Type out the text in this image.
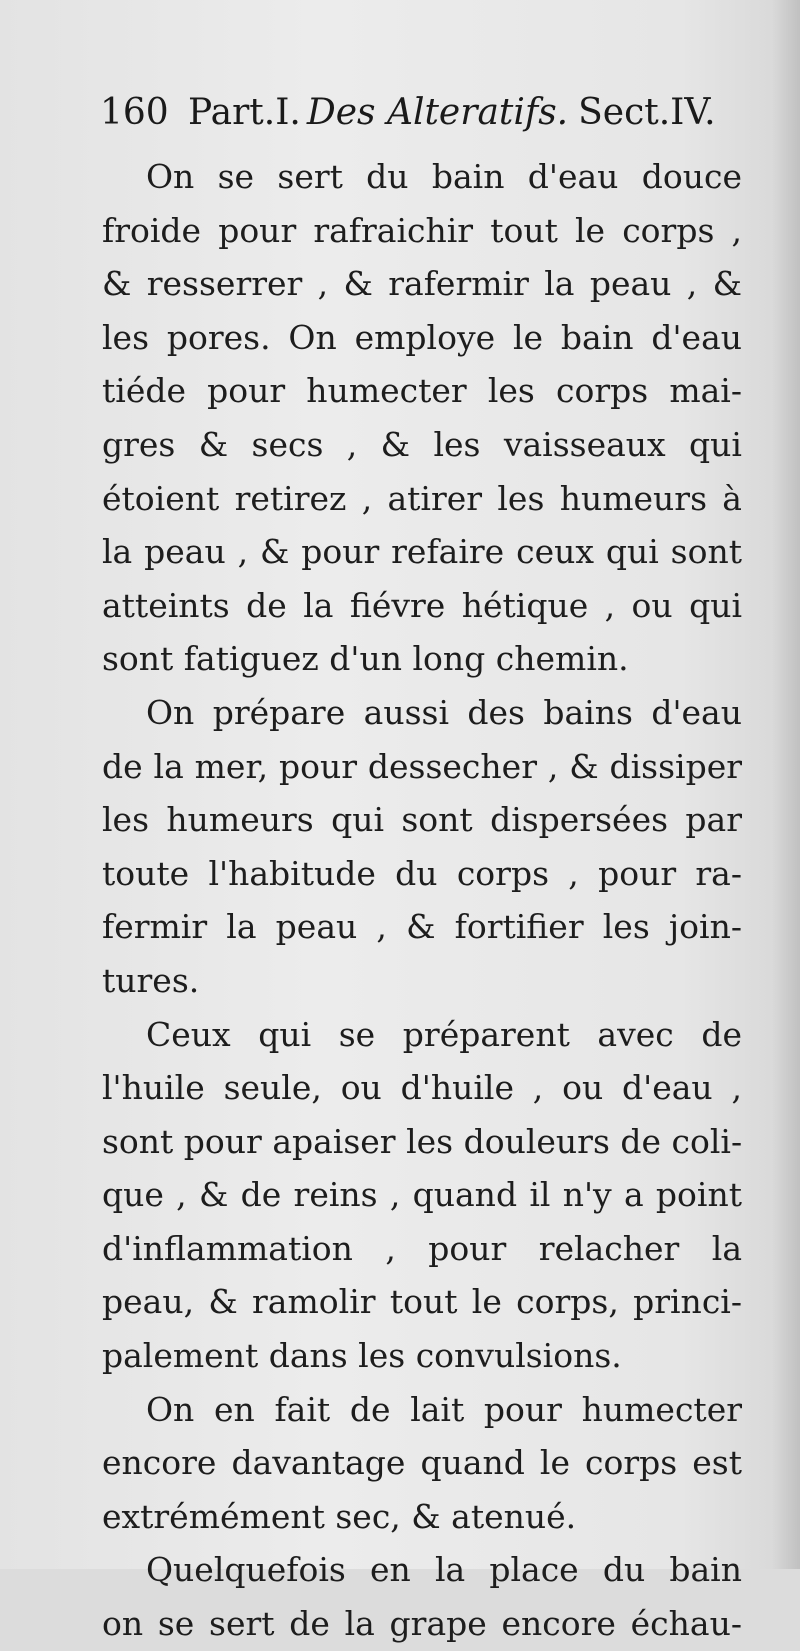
160 Part.I. Des Alteratifs. Sect.IV.
On se sert du bain d'eau douce
froide pour rafraichir tout le corps ,
& resserrer , & rafermir la peau , &
les pores. On employe le bain d'eau
tiéde pour humecter les corps mai-
gres & secs , & les vaisseaux qui
étoient retirez , atirer les humeurs à
la peau , & pour refaire ceux qui sont
atteints de la fiévre hétique , ou qui
sont fatiguez d'un long chemin.
On prépare aussi des bains d'eau
de la mer, pour dessecher , & dissiper
les humeurs qui sont dispersées par
toute l'habitude du corps , pour ra-
fermir la peau , & fortifier les join-
tures.
Ceux qui se préparent avec de
l'huile seule, ou d'huile , ou d'eau ,
sont pour apaiser les douleurs de coli-
que , & de reins , quand il n'y a point
d'inflammation , pour relacher la
peau, & ramolir tout le corps, princi-
palement dans les convulsions.
On en fait de lait pour humecter
encore davantage quand le corps est
extrémément sec, & atenué.
Quelquefois en la place du bain
on se sert de la grape encore échau-
